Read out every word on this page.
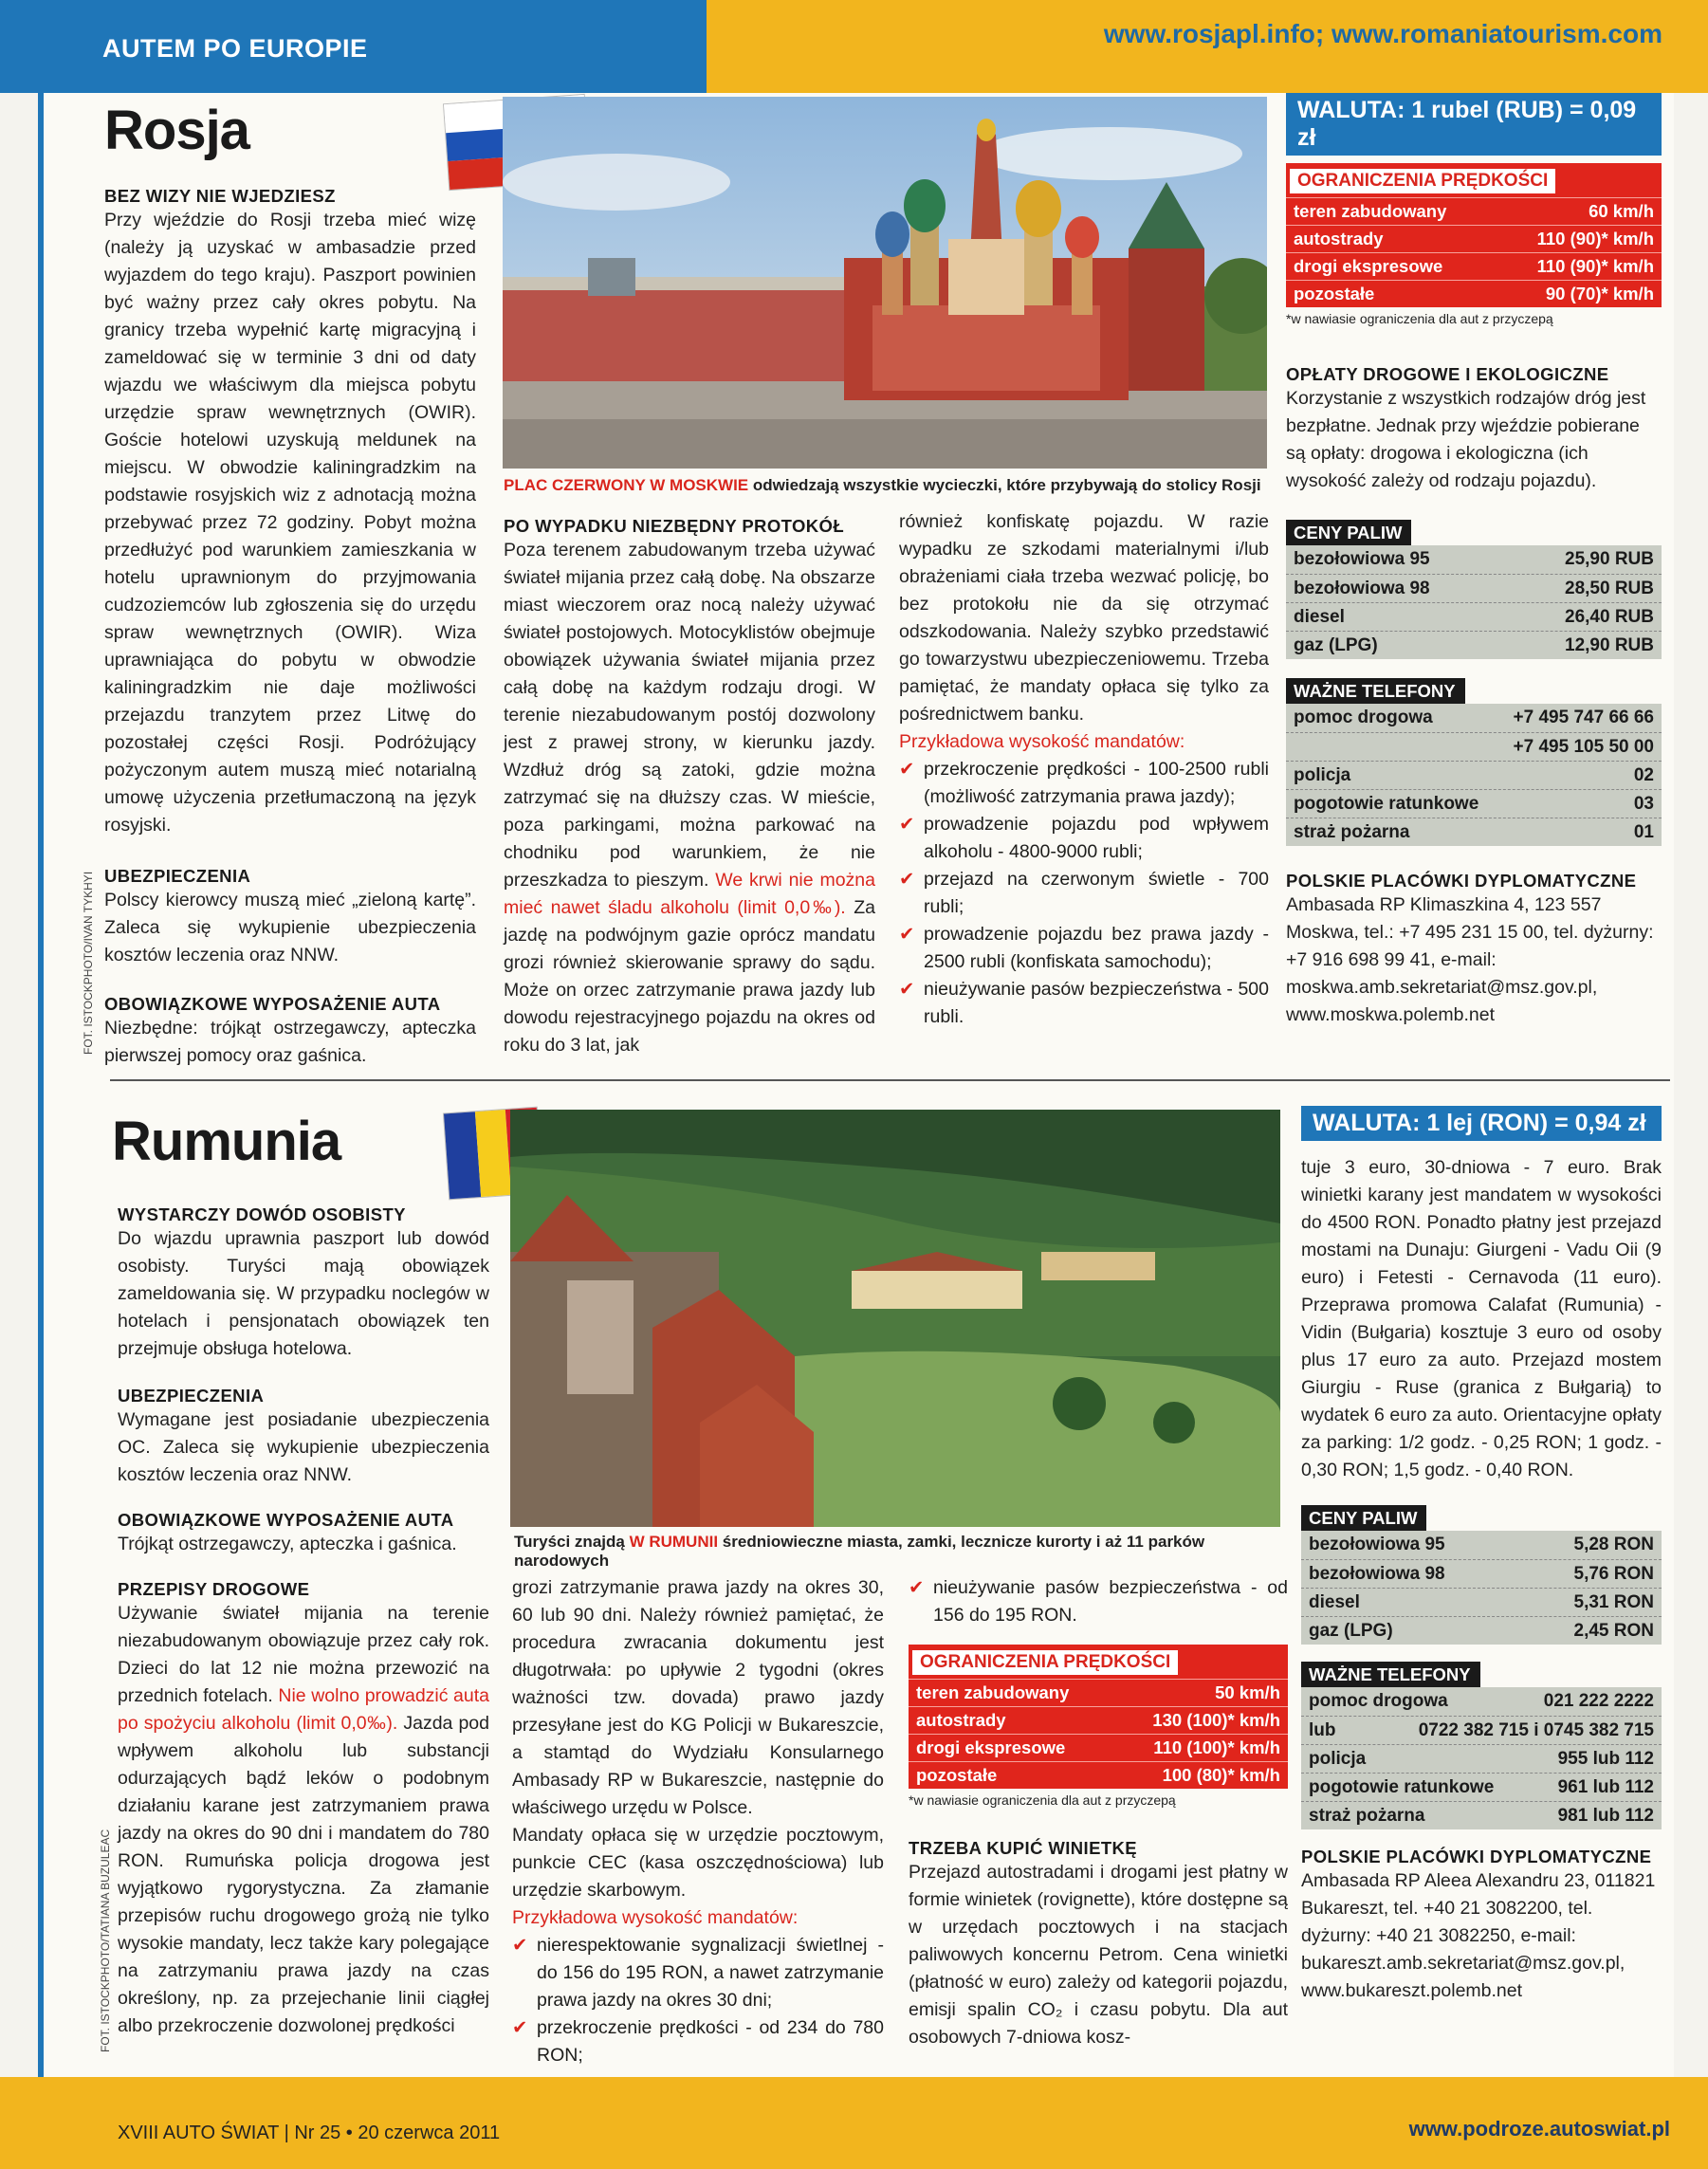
AUTEM PO EUROPIE	www.rosjapl.info; www.romaniatourism.com
XVIII AUTO ŚWIAT | Nr 25 • 20 czerwca 2011	www.podroze.autoswiat.pl
Rosja
BEZ WIZY NIE WJEDZIESZ
Przy wjeździe do Rosji trzeba mieć wizę (należy ją uzyskać w ambasadzie przed wyjazdem do tego kraju). Paszport powinien być ważny przez cały okres pobytu. Na granicy trzeba wypełnić kartę migracyjną i zameldować się w terminie 3 dni od daty wjazdu we właściwym dla miejsca pobytu urzędzie spraw wewnętrznych (OWIR). Goście hotelowi uzyskują meldunek na miejscu. W obwodzie kaliningradzkim na podstawie rosyjskich wiz z adnotacją można przebywać przez 72 godziny. Pobyt można przedłużyć pod warunkiem zamieszkania w hotelu uprawnionym do przyjmowania cudzoziemców lub zgłoszenia się do urzędu spraw wewnętrznych (OWIR). Wiza uprawniająca do pobytu w obwodzie kaliningradzkim nie daje możliwości przejazdu tranzytem przez Litwę do pozostałej części Rosji. Podróżujący pożyczonym autem muszą mieć notarialną umowę użyczenia przetłumaczoną na język rosyjski.
UBEZPIECZENIA
Polscy kierowcy muszą mieć „zieloną kartę”. Zaleca się wykupienie ubezpieczenia kosztów leczenia oraz NNW.
OBOWIĄZKOWE WYPOSAŻENIE AUTA
Niezbędne: trójkąt ostrzegawczy, apteczka pierwszej pomocy oraz gaśnica.
FOT. ISTOCKPHOTO/IVAN TYKHYI
PLAC CZERWONY W MOSKWIE odwiedzają wszystkie wycieczki, które przybywają do stolicy Rosji
PO WYPADKU NIEZBĘDNY PROTOKÓŁ
Poza terenem zabudowanym trzeba używać świateł mijania przez całą dobę. Na obszarze miast wieczorem oraz nocą należy używać świateł postojowych. Motocyklistów obejmuje obowiązek używania świateł mijania przez całą dobę na każdym rodzaju drogi. W terenie niezabudowanym postój dozwolony jest z prawej strony, w kierunku jazdy. Wzdłuż dróg są zatoki, gdzie można zatrzymać się na dłuższy czas. W mieście, poza parkingami, można parkować na chodniku pod warunkiem, że nie przeszkadza to pieszym. We krwi nie można mieć nawet śladu alkoholu (limit 0,0‰). Za jazdę na podwójnym gazie oprócz mandatu grozi również skierowanie sprawy do sądu. Może on orzec zatrzymanie prawa jazdy lub dowodu rejestracyjnego pojazdu na okres od roku do 3 lat, jak
również konfiskatę pojazdu. W razie wypadku ze szkodami materialnymi i/lub obrażeniami ciała trzeba wezwać policję, bo bez protokołu nie da się otrzymać odszkodowania. Należy szybko przedstawić go towarzystwu ubezpieczeniowemu. Trzeba pamiętać, że mandaty opłaca się tylko za pośrednictwem banku.
Przykładowa wysokość mandatów:
✔ przekroczenie prędkości - 100-2500 rubli (możliwość zatrzymania prawa jazdy);
✔ prowadzenie pojazdu pod wpływem alkoholu - 4800-9000 rubli;
✔ przejazd na czerwonym świetle - 700 rubli;
✔ prowadzenie pojazdu bez prawa jazdy - 2500 rubli (konfiskata samochodu);
✔ nieużywanie pasów bezpieczeństwa - 500 rubli.
WALUTA: 1 rubel (RUB) = 0,09 zł
OGRANICZENIA PRĘDKOŚCI
teren zabudowany	60 km/h
autostrady	110 (90)* km/h
drogi ekspresowe	110 (90)* km/h
pozostałe	90 (70)* km/h
*w nawiasie ograniczenia dla aut z przyczepą
OPŁATY DROGOWE I EKOLOGICZNE
Korzystanie z wszystkich rodzajów dróg jest bezpłatne. Jednak przy wjeździe pobierane są opłaty: drogowa i ekologiczna (ich wysokość zależy od rodzaju pojazdu).
CENY PALIW
bezołowiowa 95	25,90 RUB
bezołowiowa 98	28,50 RUB
diesel	26,40 RUB
gaz (LPG)	12,90 RUB
WAŻNE TELEFONY
pomoc drogowa	+7 495 747 66 66
+7 495 105 50 00
policja	02
pogotowie ratunkowe	03
straż pożarna	01
POLSKIE PLACÓWKI DYPLOMATYCZNE
Ambasada RP Klimaszkina 4, 123 557 Moskwa, tel.: +7 495 231 15 00, tel. dyżurny: +7 916 698 99 41, e-mail: moskwa.amb.sekretariat@msz.gov.pl, www.moskwa.polemb.net
Rumunia
WYSTARCZY DOWÓD OSOBISTY
Do wjazdu uprawnia paszport lub dowód osobisty. Turyści mają obowiązek zameldowania się. W przypadku noclegów w hotelach i pensjonatach obowiązek ten przejmuje obsługa hotelowa.
UBEZPIECZENIA
Wymagane jest posiadanie ubezpieczenia OC. Zaleca się wykupienie ubezpieczenia kosztów leczenia oraz NNW.
OBOWIĄZKOWE WYPOSAŻENIE AUTA
Trójkąt ostrzegawczy, apteczka i gaśnica.
PRZEPISY DROGOWE
Używanie świateł mijania na terenie niezabudowanym obowiązuje przez cały rok. Dzieci do lat 12 nie można przewozić na przednich fotelach. Nie wolno prowadzić auta po spożyciu alkoholu (limit 0,0‰). Jazda pod wpływem alkoholu lub substancji odurzających bądź leków o podobnym działaniu karane jest zatrzymaniem prawa jazdy na okres do 90 dni i mandatem do 780 RON. Rumuńska policja drogowa jest wyjątkowo rygorystyczna. Za złamanie przepisów ruchu drogowego grożą nie tylko wysokie mandaty, lecz także kary polegające na zatrzymaniu prawa jazdy na czas określony, np. za przejechanie linii ciągłej albo przekroczenie dozwolonej prędkości
FOT. ISTOCKPHOTO/TATIANA BUZULEAC
Turyści znajdą W RUMUNII średniowieczne miasta, zamki, lecznicze kurorty i aż 11 parków narodowych
grozi zatrzymanie prawa jazdy na okres 30, 60 lub 90 dni. Należy również pamiętać, że procedura zwracania dokumentu jest długotrwała: po upływie 2 tygodni (okres ważności tzw. dovada) prawo jazdy przesyłane jest do KG Policji w Bukareszcie, a stamtąd do Wydziału Konsularnego Ambasady RP w Bukareszcie, następnie do właściwego urzędu w Polsce.
Mandaty opłaca się w urzędzie pocztowym, punkcie CEC (kasa oszczędnościowa) lub urzędzie skarbowym.
Przykładowa wysokość mandatów:
✔ nierespektowanie sygnalizacji świetlnej - do 156 do 195 RON, a nawet zatrzymanie prawa jazdy na okres 30 dni;
✔ przekroczenie prędkości - od 234 do 780 RON;
✔ nieużywanie pasów bezpieczeństwa - od 156 do 195 RON.
OGRANICZENIA PRĘDKOŚCI
teren zabudowany	50 km/h
autostrady	130 (100)* km/h
drogi ekspresowe	110 (100)* km/h
pozostałe	100 (80)* km/h
*w nawiasie ograniczenia dla aut z przyczepą
TRZEBA KUPIĆ WINIETKĘ
Przejazd autostradami i drogami jest płatny w formie winietek (rovignette), które dostępne są w urzędach pocztowych i na stacjach paliwowych koncernu Petrom. Cena winietki (płatność w euro) zależy od kategorii pojazdu, emisji spalin CO₂ i czasu pobytu. Dla aut osobowych 7-dniowa kosz-
WALUTA: 1 lej (RON) = 0,94 zł
tuje 3 euro, 30-dniowa - 7 euro. Brak winietki karany jest mandatem w wysokości do 4500 RON. Ponadto płatny jest przejazd mostami na Dunaju: Giurgeni - Vadu Oii (9 euro) i Fetesti - Cernavoda (11 euro). Przeprawa promowa Calafat (Rumunia) - Vidin (Bułgaria) kosztuje 3 euro od osoby plus 17 euro za auto. Przejazd mostem Giurgiu - Ruse (granica z Bułgarią) to wydatek 6 euro za auto. Orientacyjne opłaty za parking: 1/2 godz. - 0,25 RON; 1 godz. - 0,30 RON; 1,5 godz. - 0,40 RON.
CENY PALIW
bezołowiowa 95	5,28 RON
bezołowiowa 98	5,76 RON
diesel	5,31 RON
gaz (LPG)	2,45 RON
WAŻNE TELEFONY
pomoc drogowa	021 222 2222
lub	0722 382 715 i 0745 382 715
policja	955 lub 112
pogotowie ratunkowe	961 lub 112
straż pożarna	981 lub 112
POLSKIE PLACÓWKI DYPLOMATYCZNE
Ambasada RP Aleea Alexandru 23, 011821 Bukareszt, tel. +40 21 3082200, tel. dyżurny: +40 21 3082250, e-mail: bukareszt.amb.sekretariat@msz.gov.pl, www.bukareszt.polemb.net
